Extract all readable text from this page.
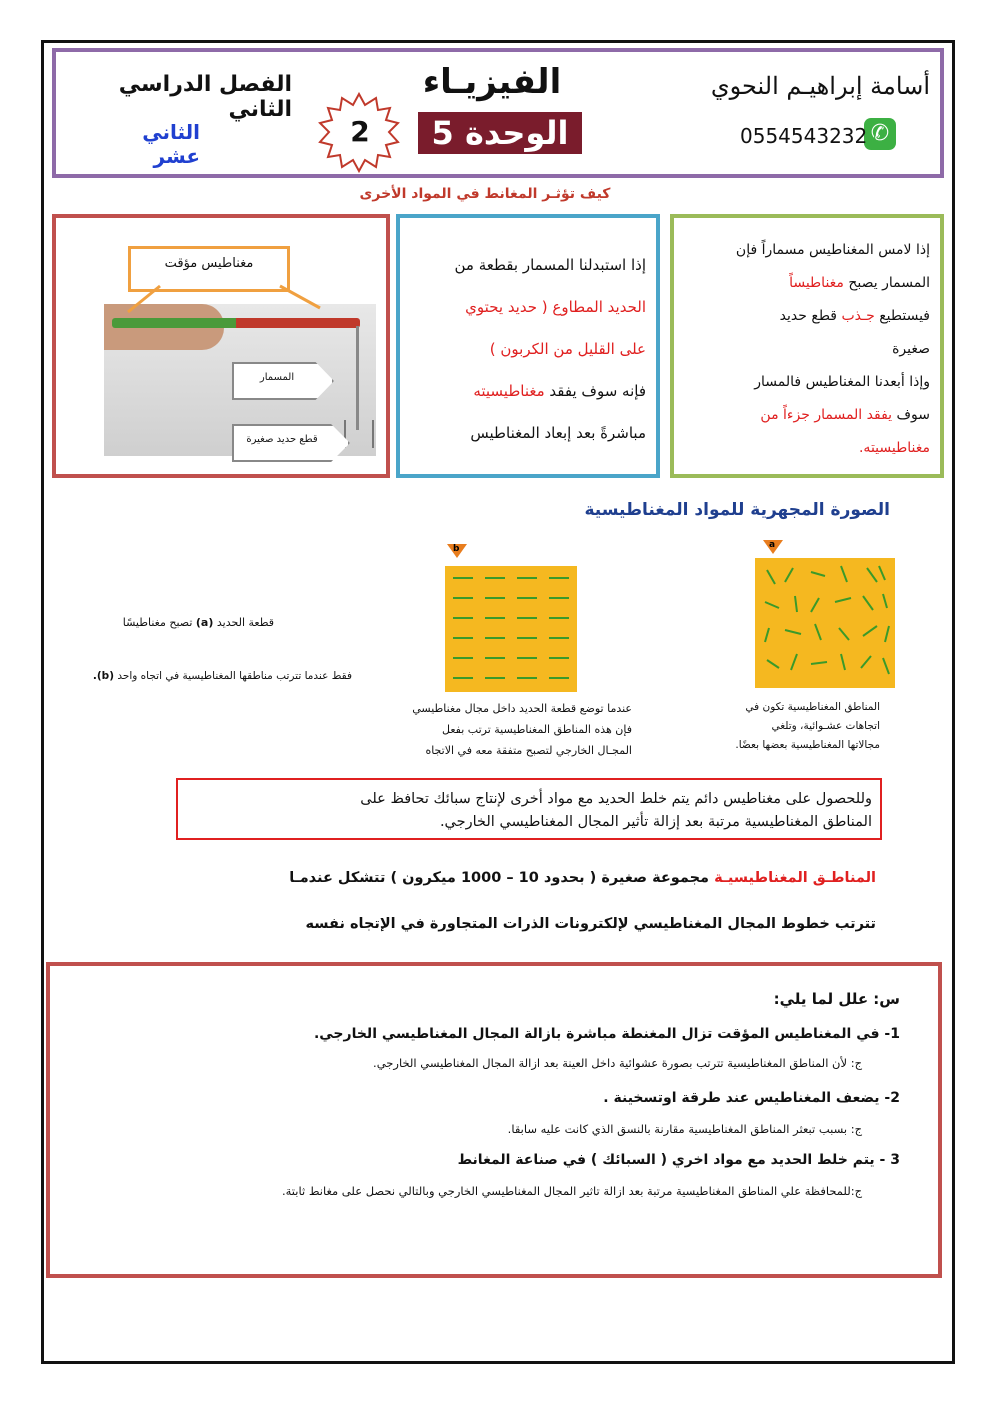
أسامة إبراهيـم النحوي
✆
0554543232
الفيزيـاء
الوحدة 5
2
الفصل الدراسي الثاني
الثاني عشر
كيف تؤثـر المغانط في المواد الأخرى
إذا لامس المغناطيس مسماراً فإن
المسمار يصبح مغناطيساً
فيستطيع جـذب قطع حديد
صغيرة
وإذا أبعدنا المغناطيس فالمسار
سوف يفقد المسمار جزءاً من
مغناطيسيته.
إذا استبدلنا المسمار بقطعة من
الحديد المطاوع ( حديد يحتوي
على القليل من الكربون )
فإنه سوف يفقد مغناطيسيته
مباشرةً بعد إبعاد المغناطيس
مغناطيس مؤقت
المسمار
قطع حديد صغيرة
الصورة المجهرية للمواد المغناطيسية
a
b
المناطق المغناطيسية تكون في
اتجاهات عشـوائية، وتلغي
مجالاتها المغناطيسية بعضها بعضًا.
عندما توضع قطعة الحديد داخل مجال مغناطيسي
فإن هذه المناطق المغناطيسية ترتب بفعل
المجـال الخارجي لتصبح متفقة معه في الاتجاه
قطعة الحديد (a) تصبح مغناطيسًا
فقط عندما تترتب مناطقها المغناطيسية في اتجاه واحد (b).
وللحصول على مغناطيس دائم يتم خلط الحديد مع مواد أخرى لإنتاج سبائك تحافظ على
المناطق المغناطيسية مرتبة بعد إزالة تأثير المجال المغناطيسي الخارجي.
المناطـق المغناطيسيـة مجموعة صغيرة ( بحدود 10 – 1000 ميكرون ) تتشكل عندمـا
تترتب خطوط المجال المغناطيسي لإلكترونات الذرات المتجاورة في الإتجاه نفسه
س: علل لما يلي:
1- في المغناطيس المؤقت تزال المغنطة مباشرة بازالة المجال المغناطيسي الخارجي.
ج: لأن المناطق المغناطيسية تترتب بصورة عشوائية داخل العينة بعد ازالة المجال المغناطيسي الخارجي.
2- يضعف المغناطيس عند طرقة اوتسخينة .
ج: بسبب تبعثر المناطق المغناطيسية مقارنة بالنسق الذي كانت عليه سابقا.
3 - يتم خلط الحديد مع مواد اخري ( السبائك ) في صناعة المغانط
ج:للمحافظة علي المناطق المغناطيسية مرتبة بعد ازالة تاثير المجال المغناطيسي الخارجي وبالتالي نحصل على مغانط ثابتة.
